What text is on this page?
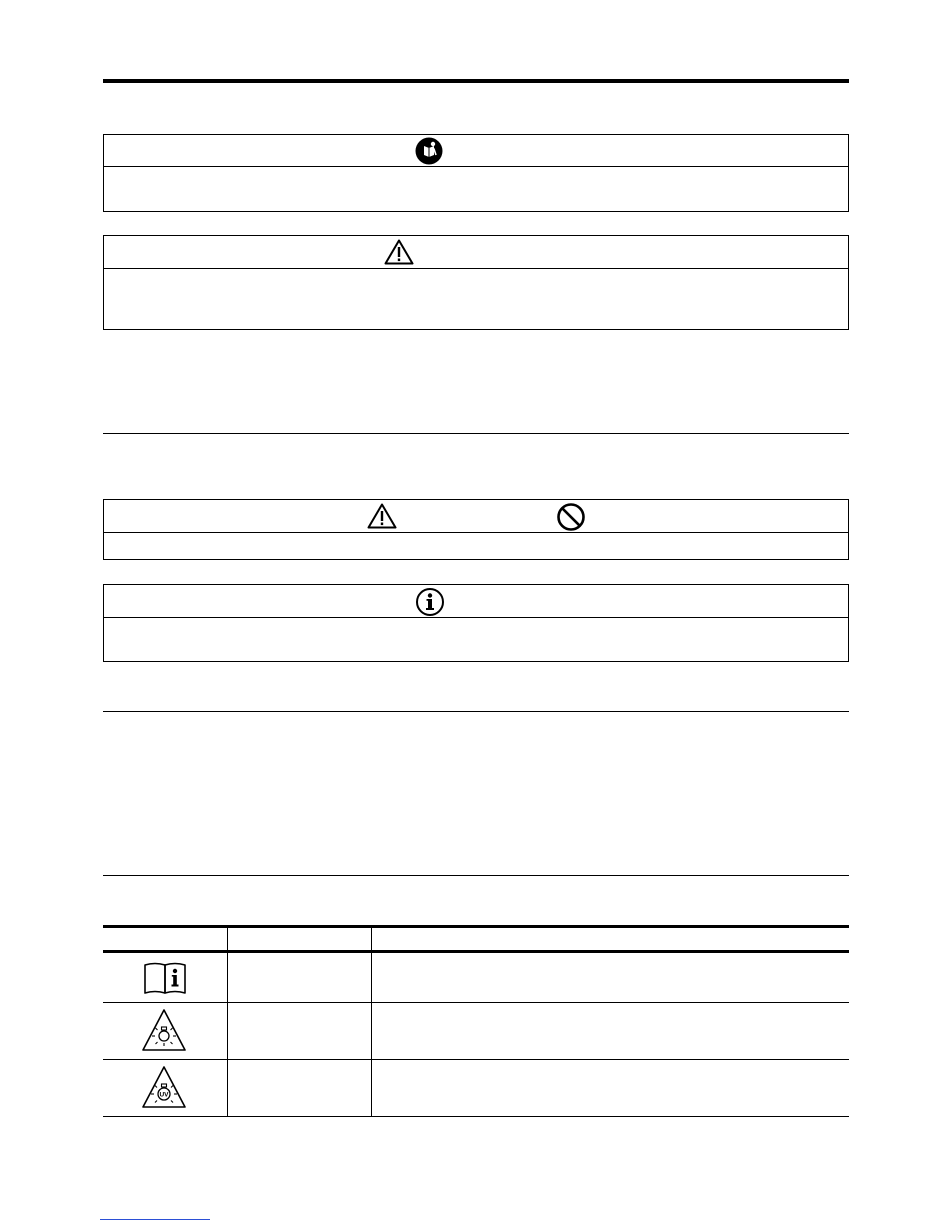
UV
